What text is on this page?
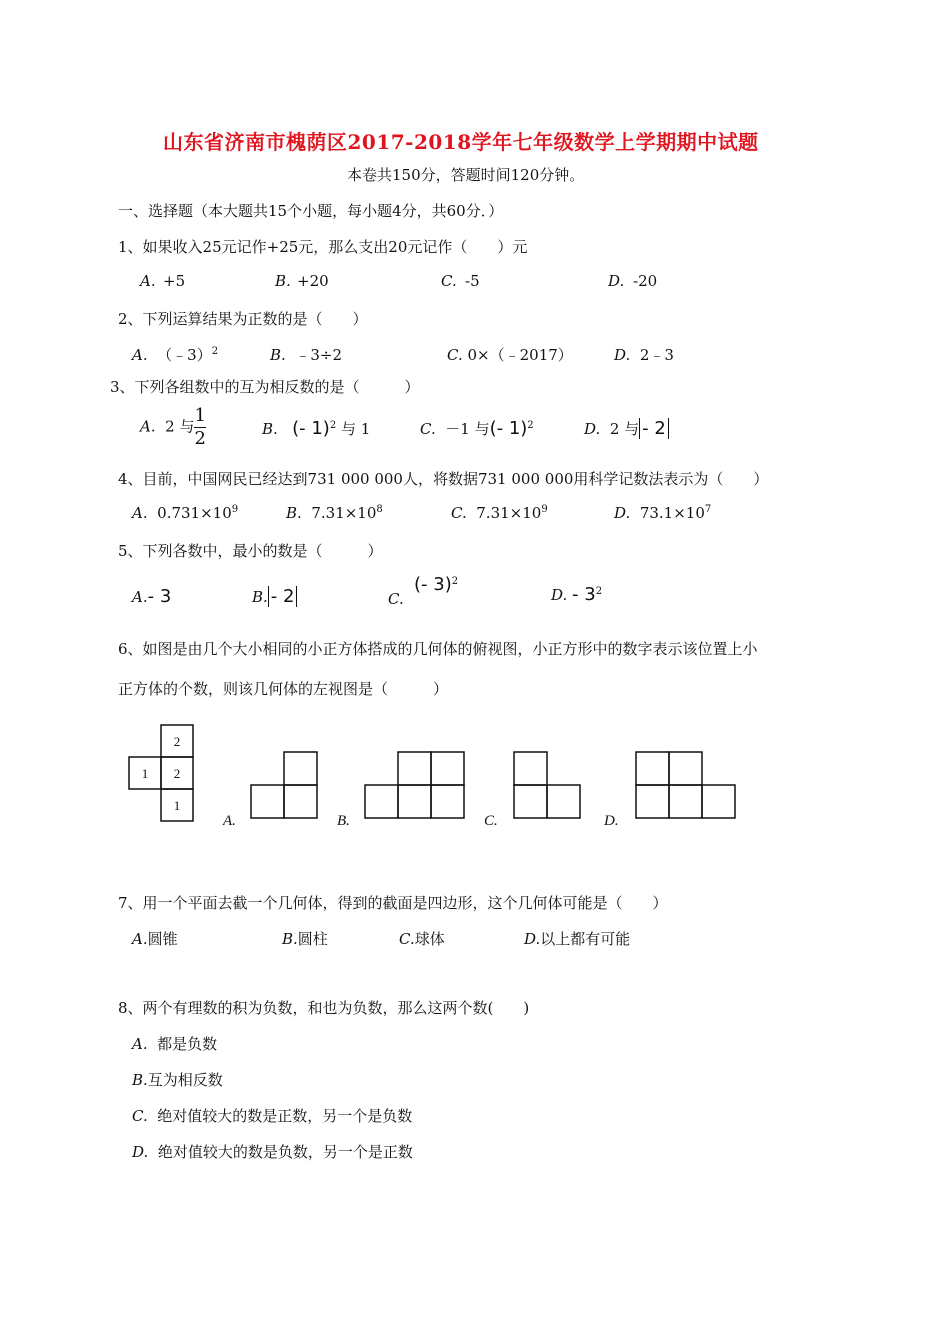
山东省济南市槐荫区2017-2018学年七年级数学上学期期中试题
本卷共150分，答题时间120分钟。
一、选择题（本大题共15个小题，每小题4分，共60分．）
1、如果收入25元记作+25元，那么支出20元记作（　　）元
A. +5	B. +20	C. -5	D. -20
2、下列运算结果为正数的是（　　）
A. （﹣3）$^2$	B. ﹣3÷2	C. 0×（﹣2017）	D. 2﹣3
3、下列各组数中的互为相反数的是（　　　）
A. 2 与$\frac{1}{2}$	B. (- 1)$^2$ 与 1	C. －1 与(- 1)$^2$	D. 2 与 - 2
4、目前，中国网民已经达到731 000 000人，将数据731 000 000用科学记数法表示为（　　）
A. $0.731\times 10^9$	B. $7.31\times 10^8$	C. $7.31\times 10^9$	D. $73.1\times 10^7$
5、下列各数中，最小的数是（　　　）
A.- 3	B. - 2	C.
(- 3)$^2$
D. - $3^2$
6、如图是由几个大小相同的小正方体搭成的几何体的俯视图，小正方形中的数字表示该位置上小
正方体的个数，则该几何体的左视图是（　　　）
2
1 2
1
A.	B.	C.	D.
7、用一个平面去截一个几何体，得到的截面是四边形，这个几何体可能是（　　）
A.圆锥	B.圆柱	C.球体	D.以上都有可能
8、两个有理数的积为负数，和也为负数，那么这两个数(　　)
A. 都是负数
B.互为相反数
C. 绝对值较大的数是正数，另一个是负数
D. 绝对值较大的数是负数，另一个是正数
